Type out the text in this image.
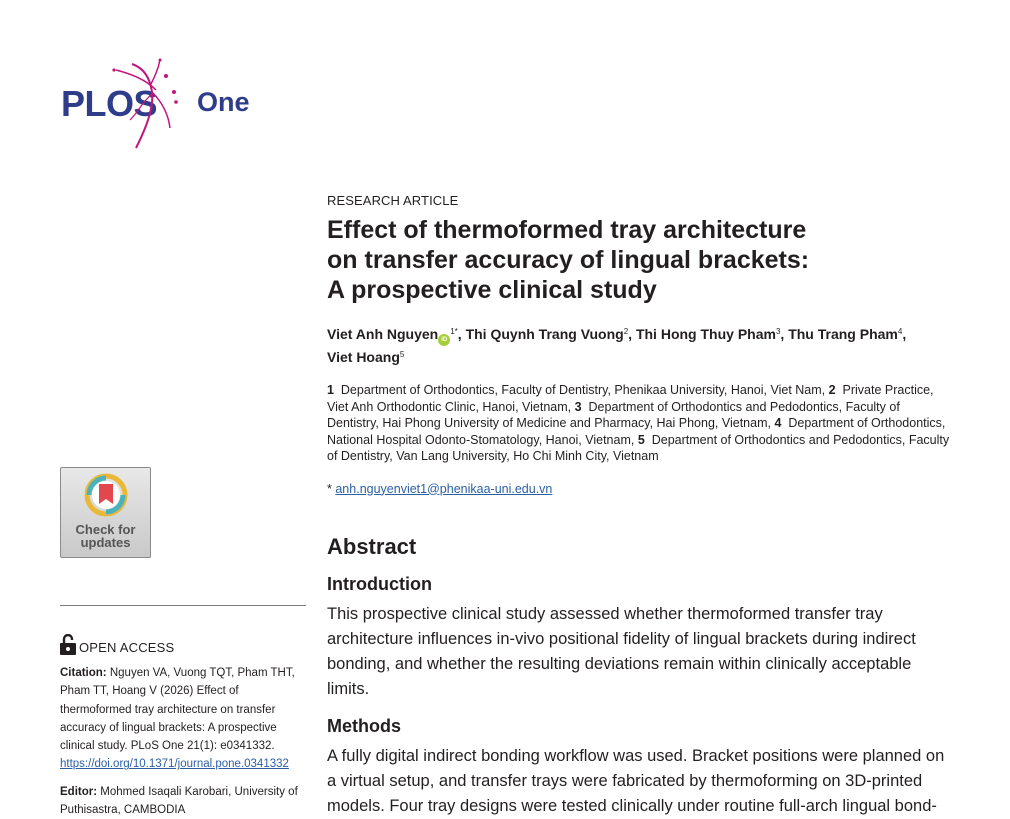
PLOS One
Check for
updates
OPEN ACCESS

Citation: Nguyen VA, Vuong TQT, Pham THT, Pham TT, Hoang V (2026) Effect of thermoformed tray architecture on transfer accuracy of lingual brackets: A prospective clinical study. PLoS One 21(1): e0341332. https://doi.org/10.1371/journal.pone.0341332

Editor: Mohmed Isaqali Karobari, University of Puthisastra, CAMBODIA

RESEARCH ARTICLE

Effect of thermoformed tray architecture
on transfer accuracy of lingual brackets:
A prospective clinical study

Viet Anh Nguyen $iD^{1*}$, Thi Quynh Trang Vuong$^2$, Thi Hong Thuy Pham$^3$, Thu Trang Pham$^4$,
Viet Hoang$^5$

1 Department of Orthodontics, Faculty of Dentistry, Phenikaa University, Hanoi, Viet Nam, 2 Private Practice, Viet Anh Orthodontic Clinic, Hanoi, Vietnam, 3 Department of Orthodontics and Pedodontics, Faculty of Dentistry, Hai Phong University of Medicine and Pharmacy, Hai Phong, Vietnam, 4 Department of Orthodontics, National Hospital Odonto-Stomatology, Hanoi, Vietnam, 5 Department of Orthodontics and Pedodontics, Faculty of Dentistry, Van Lang University, Ho Chi Minh City, Vietnam

* anh.nguyenviet1@phenikaa-uni.edu.vn

Abstract
Introduction

This prospective clinical study assessed whether thermoformed transfer tray architecture influences in-vivo positional fidelity of lingual brackets during indirect bonding, and whether the resulting deviations remain within clinically acceptable limits.

Methods

A fully digital indirect bonding workflow was used. Bracket positions were planned on a virtual setup, and transfer trays were fabricated by thermoforming on 3D-printed models. Four tray designs were tested clinically under routine full-arch lingual bond-
